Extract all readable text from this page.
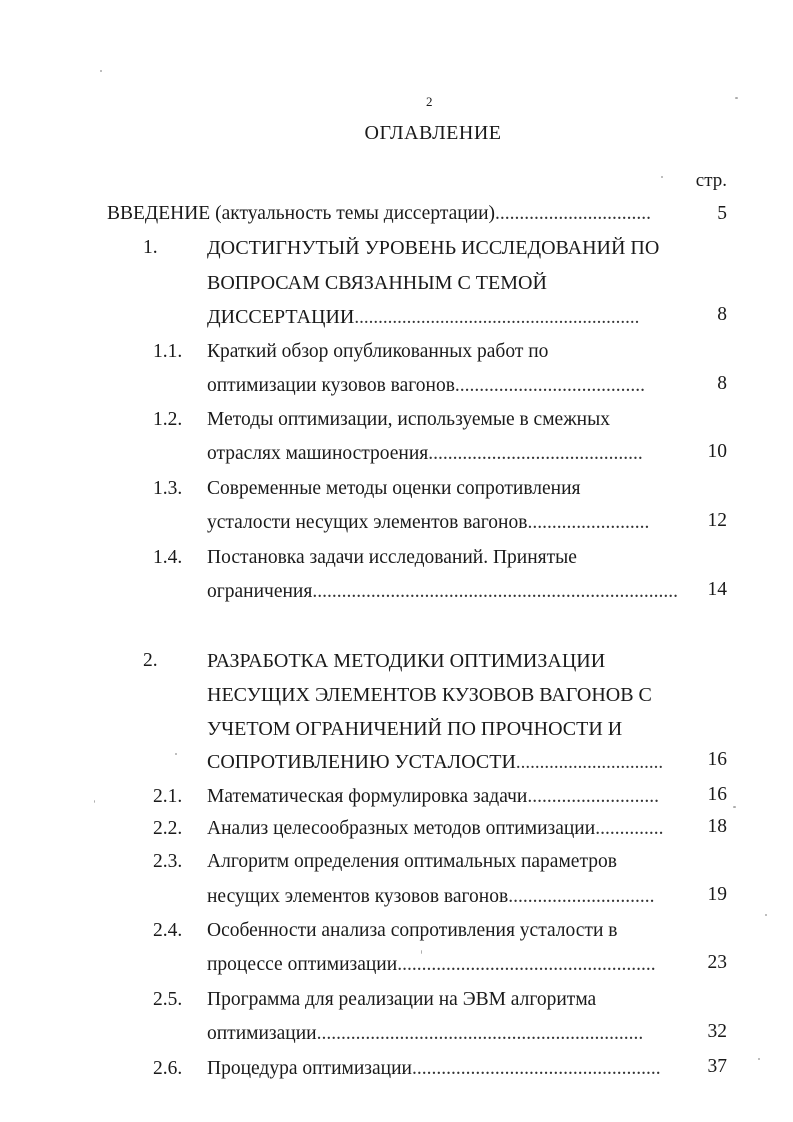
2
ОГЛАВЛЕНИЕ
стр.
ВВЕДЕНИЕ (актуальность темы диссертации)................................	5
1. ДОСТИГНУТЫЙ УРОВЕНЬ ИССЛЕДОВАНИЙ ПО
ВОПРОСАМ СВЯЗАННЫМ С ТЕМОЙ
ДИССЕРТАЦИИ............................................................	8
1.1. Краткий обзор опубликованных работ по
оптимизации кузовов вагонов.......................................	8
1.2. Методы оптимизации, используемые в смежных
отраслях машиностроения............................................	10
1.3. Современные методы оценки сопротивления
усталости несущих элементов вагонов.........................	12
1.4. Постановка задачи исследований. Принятые
ограничения...........................................................................	14
2. РАЗРАБОТКА МЕТОДИКИ ОПТИМИЗАЦИИ
НЕСУЩИХ ЭЛЕМЕНТОВ КУЗОВОВ ВАГОНОВ С
УЧЕТОМ ОГРАНИЧЕНИЙ ПО ПРОЧНОСТИ И
СОПРОТИВЛЕНИЮ УСТАЛОСТИ...............................	16
2.1. Математическая формулировка задачи...........................	16
2.2. Анализ целесообразных методов оптимизации..............	18
2.3. Алгоритм определения оптимальных параметров
несущих элементов кузовов вагонов..............................	19
2.4. Особенности анализа сопротивления усталости в
процессе оптимизации.....................................................	23
2.5. Программа для реализации на ЭВМ алгоритма
оптимизации...................................................................	32
2.6. Процедура оптимизации...................................................	37
